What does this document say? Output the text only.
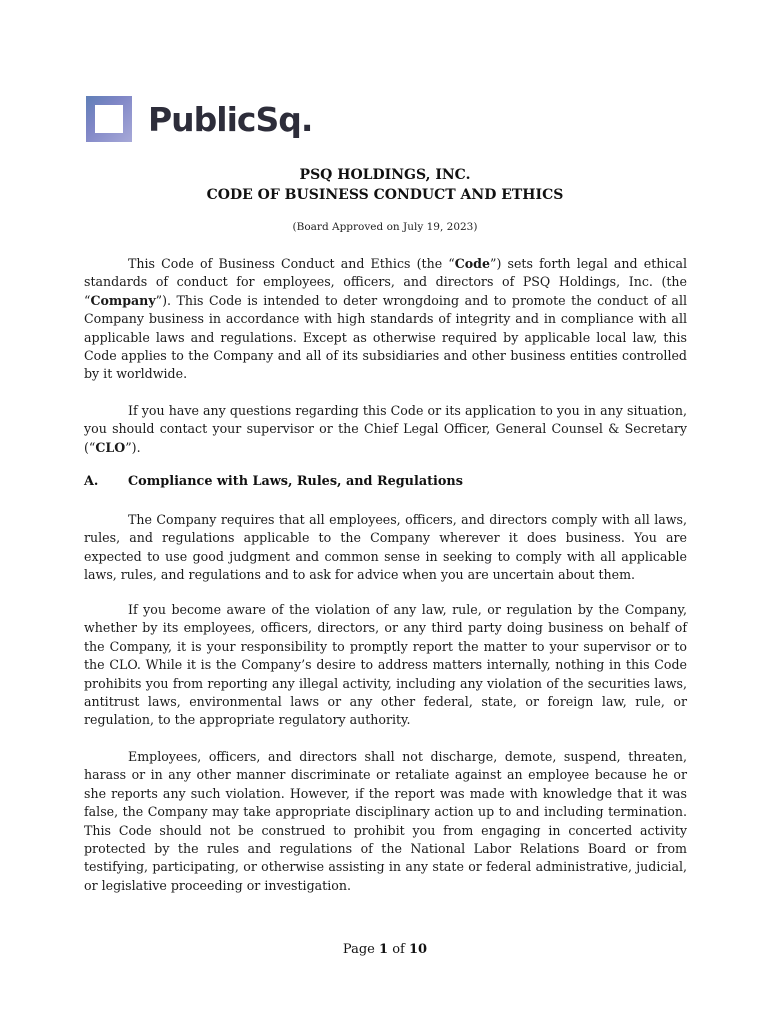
PublicSq.
PSQ HOLDINGS, INC.
CODE OF BUSINESS CONDUCT AND ETHICS
(Board Approved on July 19, 2023)
This Code of Business Conduct and Ethics (the “Code”) sets forth legal and ethical standards of conduct for employees, officers, and directors of PSQ Holdings, Inc. (the “Company”). This Code is intended to deter wrongdoing and to promote the conduct of all Company business in accordance with high standards of integrity and in compliance with all applicable laws and regulations. Except as otherwise required by applicable local law, this Code applies to the Company and all of its subsidiaries and other business entities controlled by it worldwide.
If you have any questions regarding this Code or its application to you in any situation, you should contact your supervisor or the Chief Legal Officer, General Counsel & Secretary (“CLO”).
A. Compliance with Laws, Rules, and Regulations
The Company requires that all employees, officers, and directors comply with all laws, rules, and regulations applicable to the Company wherever it does business. You are expected to use good judgment and common sense in seeking to comply with all applicable laws, rules, and regulations and to ask for advice when you are uncertain about them.
If you become aware of the violation of any law, rule, or regulation by the Company, whether by its employees, officers, directors, or any third party doing business on behalf of the Company, it is your responsibility to promptly report the matter to your supervisor or to the CLO. While it is the Company’s desire to address matters internally, nothing in this Code prohibits you from reporting any illegal activity, including any violation of the securities laws, antitrust laws, environmental laws or any other federal, state, or foreign law, rule, or regulation, to the appropriate regulatory authority.
Employees, officers, and directors shall not discharge, demote, suspend, threaten, harass or in any other manner discriminate or retaliate against an employee because he or she reports any such violation. However, if the report was made with knowledge that it was false, the Company may take appropriate disciplinary action up to and including termination. This Code should not be construed to prohibit you from engaging in concerted activity protected by the rules and regulations of the National Labor Relations Board or from testifying, participating, or otherwise assisting in any state or federal administrative, judicial, or legislative proceeding or investigation.
Page 1 of 10
